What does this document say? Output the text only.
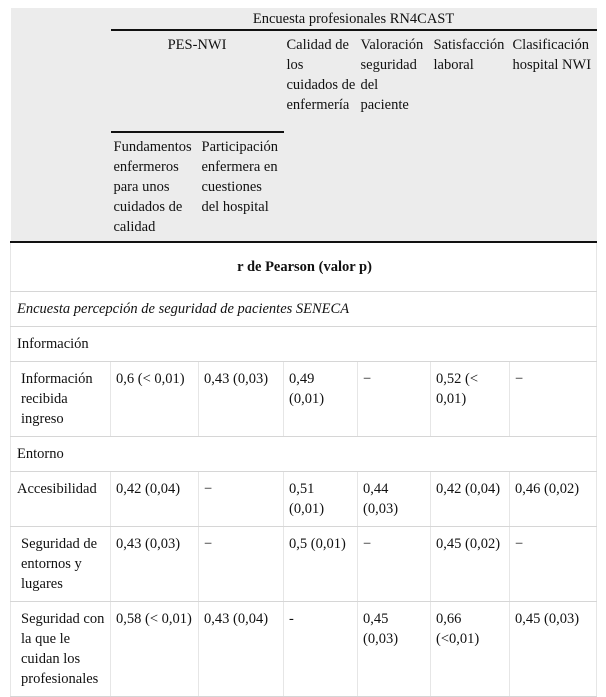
	Encuesta profesionales RN4CAST					
	PES-NWI		Calidad de los cuidados de enfermería	Valoración seguridad del paciente	Satisfacción laboral	Clasificación hospital NWI
	Fundamentos enfermeros para unos cuidados de calidad	Participación enfermera en cuestiones del hospital				

r de Pearson (valor p)						
Encuesta percepción de seguridad de pacientes SENECA						
Información						
Información recibida ingreso	0,6 (< 0,01)	0,43 (0,03)	0,49 (0,01)	−	0,52 (< 0,01)	−
Entorno						
Accesibilidad	0,42 (0,04)	−	0,51 (0,01)	0,44 (0,03)	0,42 (0,04)	0,46 (0,02)
Seguridad de entornos y lugares	0,43 (0,03)	−	0,5 (0,01)	−	0,45 (0,02)	−
Seguridad con la que le cuidan los profesionales	0,58 (< 0,01)	0,43 (0,04)	-	0,45 (0,03)	0,66 (<0,01)	0,45 (0,03)
